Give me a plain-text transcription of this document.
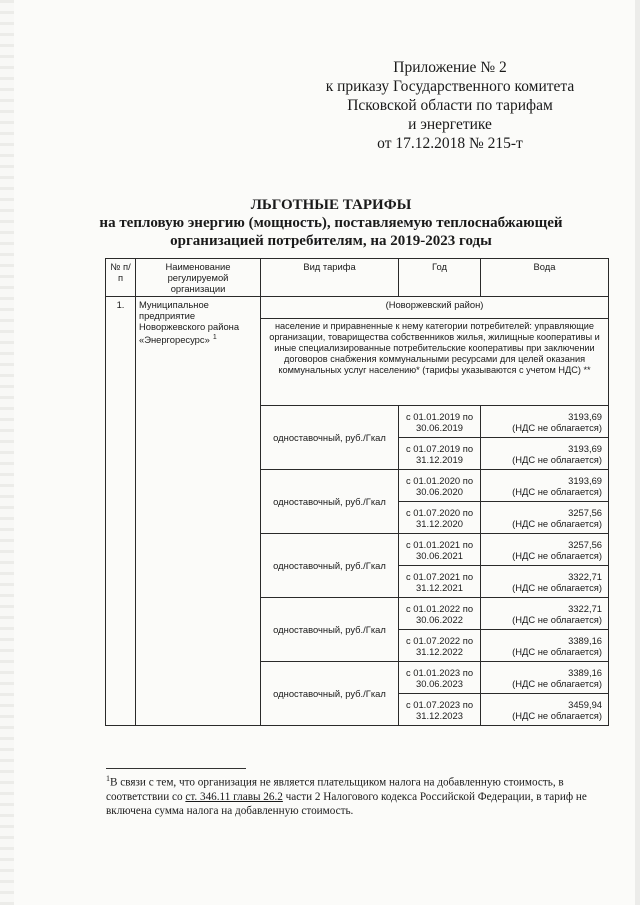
Приложение № 2
к приказу Государственного комитета
Псковской области по тарифам
и энергетике
от 17.12.2018 № 215-т
ЛЬГОТНЫЕ ТАРИФЫ
на тепловую энергию (мощность), поставляемую теплоснабжающей
организацией потребителям, на 2019-2023 годы
№ п/п	Наименование регулируемой организации	Вид тарифа	Год	Вода
1.	Муниципальное предприятие Новоржевского района «Энергоресурс» $^1$	(Новоржевский район)		
		население и приравненные к нему категории потребителей: управляющие организации, товарищества собственников жилья, жилищные кооперативы и иные специализированные потребительские кооперативы при заключении договоров снабжения коммунальными ресурсами для целей оказания коммунальных услуг населению* (тарифы указываются с учетом НДС) **		
		одноставочный, руб./Гкал	с 01.01.2019 по 30.06.2019	3193,69
(НДС не облагается)

			с 01.07.2019 по 31.12.2019	3193,69
(НДС не облагается)

		одноставочный, руб./Гкал	с 01.01.2020 по 30.06.2020	3193,69
(НДС не облагается)

			с 01.07.2020 по 31.12.2020	3257,56
(НДС не облагается)

		одноставочный, руб./Гкал	с 01.01.2021 по 30.06.2021	3257,56
(НДС не облагается)

			с 01.07.2021 по 31.12.2021	3322,71
(НДС не облагается)

		одноставочный, руб./Гкал	с 01.01.2022 по 30.06.2022	3322,71
(НДС не облагается)

			с 01.07.2022 по 31.12.2022	3389,16
(НДС не облагается)

		одноставочный, руб./Гкал	с 01.01.2023 по 30.06.2023	3389,16
(НДС не облагается)

			с 01.07.2023 по 31.12.2023	3459,94
(НДС не облагается)
$^1$В связи с тем, что организация не является плательщиком налога на добавленную стоимость, в соответствии со ст. 346.11 главы 26.2 части 2 Налогового кодекса Российской Федерации, в тариф не включена сумма налога на добавленную стоимость.
